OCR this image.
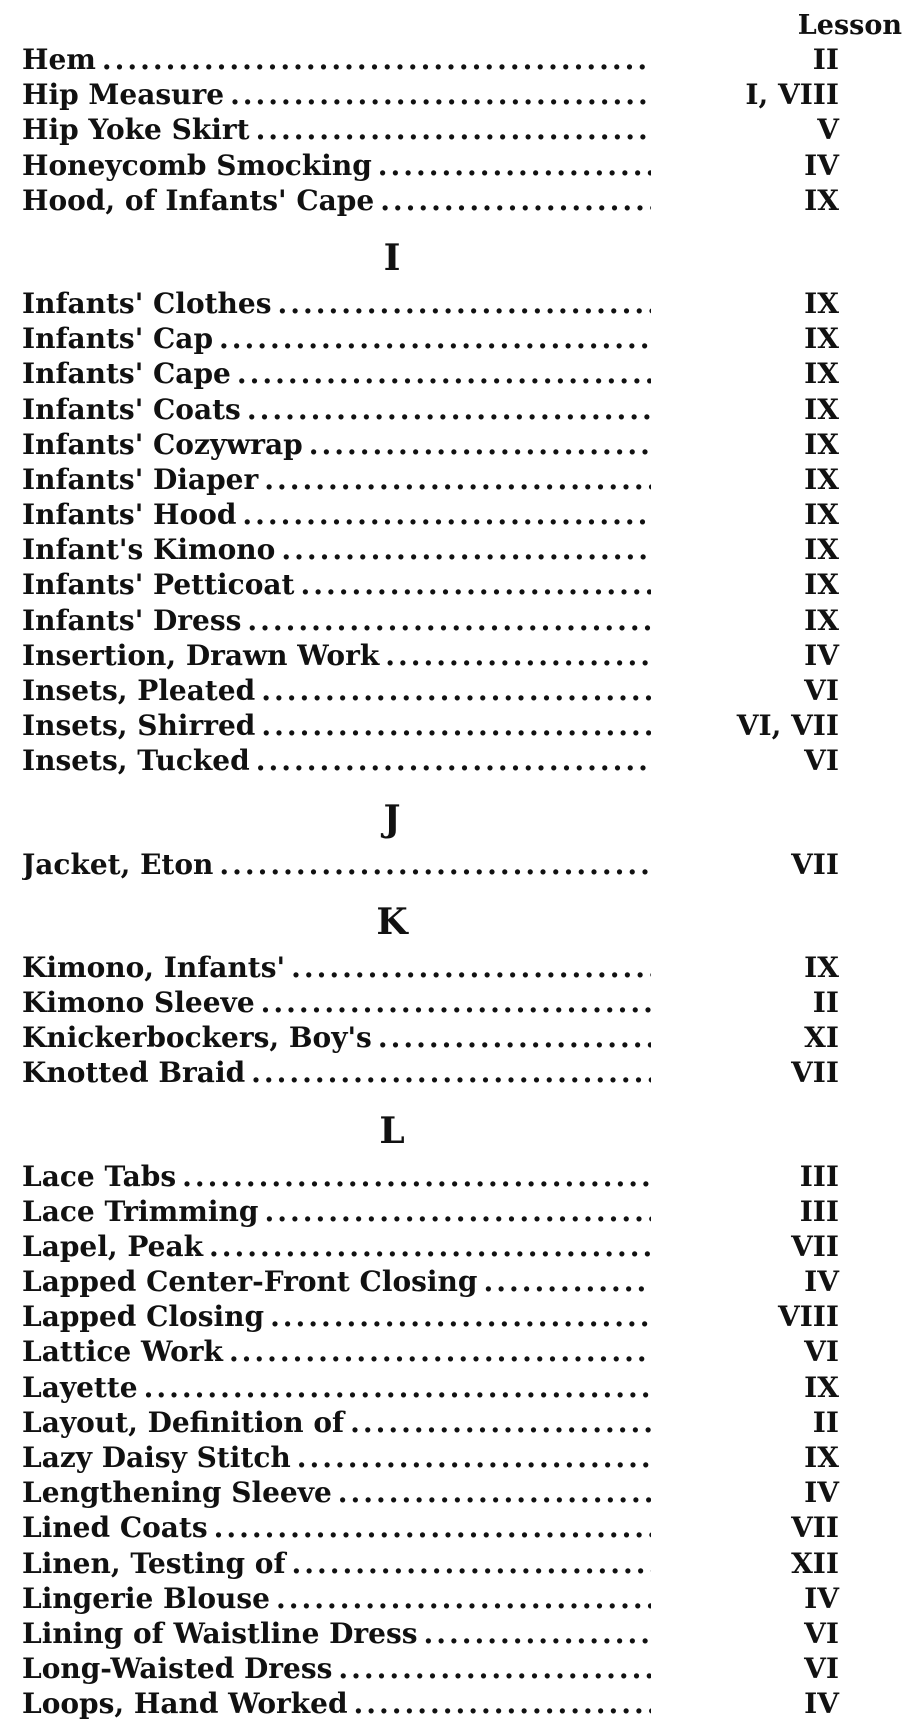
Lesson
Hem .....	II
Hip Measure .....	I, VIII
Hip Yoke Skirt .....	V
Honeycomb Smocking .....	IV
Hood, of Infants' Cape .....	IX
I
Infants' Clothes .....	IX
Infants' Cap .....	IX
Infants' Cape .....	IX
Infants' Coats .....	IX
Infants' Cozywrap .....	IX
Infants' Diaper .....	IX
Infants' Hood .....	IX
Infant's Kimono .....	IX
Infants' Petticoat .....	IX
Infants' Dress .....	IX
Insertion, Drawn Work .....	IV
Insets, Pleated .....	VI
Insets, Shirred .....	VI, VII
Insets, Tucked .....	VI
J
Jacket, Eton .....	VII
K
Kimono, Infants' .....	IX
Kimono Sleeve .....	II
Knickerbockers, Boy's .....	XI
Knotted Braid .....	VII
L
Lace Tabs .....	III
Lace Trimming .....	III
Lapel, Peak .....	VII
Lapped Center-Front Closing .....	IV
Lapped Closing .....	VIII
Lattice Work .....	VI
Layette .....	IX
Layout, Definition of .....	II
Lazy Daisy Stitch .....	IX
Lengthening Sleeve .....	IV
Lined Coats .....	VII
Linen, Testing of .....	XII
Lingerie Blouse .....	IV
Lining of Waistline Dress .....	VI
Long-Waisted Dress .....	VI
Loops, Hand Worked .....	IV
